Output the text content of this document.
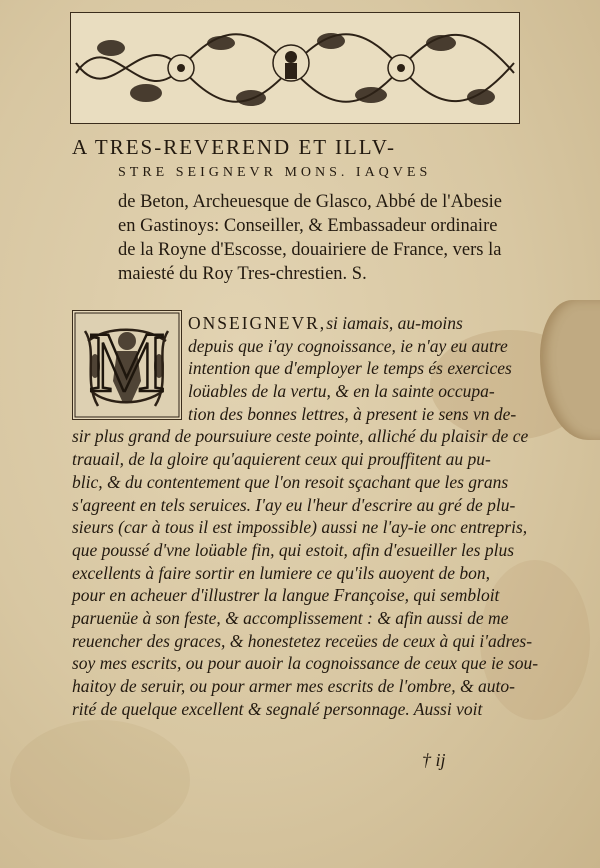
A TRES-REVEREND ET ILLV-
STRE SEIGNEVR MONS. IAQVES
de Beton, Archeuesque de Glasco, Abbé de l'Abesie
en Gastinoys: Conseiller, & Embassadeur ordinaire
de la Royne d'Escosse, douairiere de France, vers la
maiesté du Roy Tres-chrestien. S.
M	ONSEIGNEVR,si iamais, au-moins
depuis que i'ay cognoissance, ie n'ay eu autre
intention que d'employer le temps és exercices
loüables de la vertu, & en la sainte occupa-
tion des bonnes lettres, à present ie sens vn de-
sir plus grand de poursuiure ceste pointe, alliché du plaisir de ce
trauail, de la gloire qu'aquierent ceux qui prouffitent au pu-
blic, & du contentement que l'on resoit sçachant que les grans
s'agreent en tels seruices. I'ay eu l'heur d'escrire au gré de plu-
sieurs (car à tous il est impossible) aussi ne l'ay-ie onc entrepris,
que poussé d'vne loüable fin, qui estoit, afin d'esueiller les plus
excellents à faire sortir en lumiere ce qu'ils auoyent de bon,
pour en acheuer d'illustrer la langue Françoise, qui sembloit
paruenüe à son feste, & accomplissement : & afin aussi de me
reuencher des graces, & honestetez receües de ceux à qui i'adres-
soy mes escrits, ou pour auoir la cognoissance de ceux que ie sou-
haitoy de seruir, ou pour armer mes escrits de l'ombre, & auto-
rité de quelque excellent & segnalé personnage. Aussi voit
† ij
